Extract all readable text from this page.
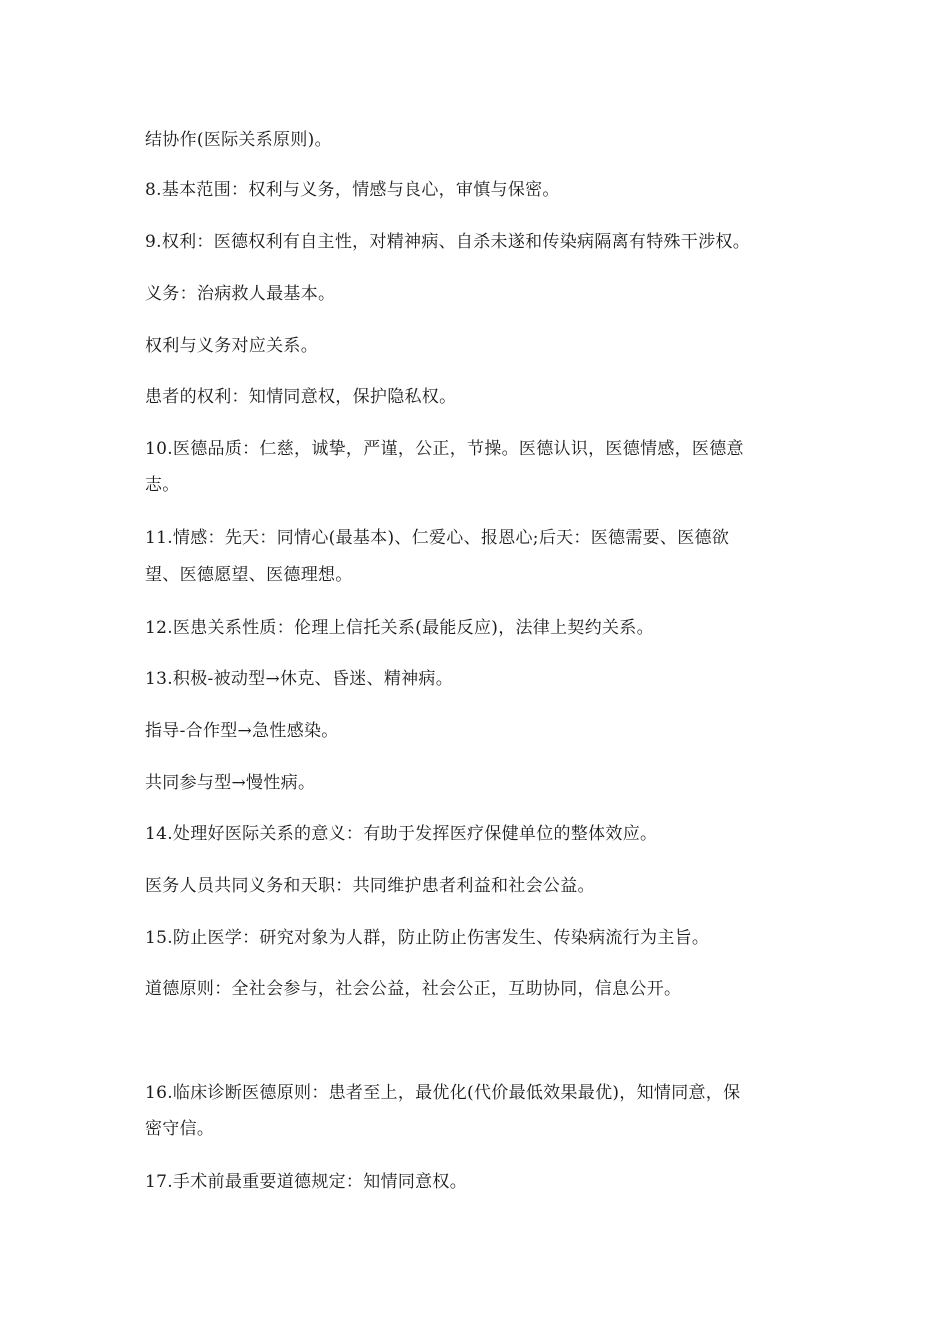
结协作(医际关系原则)。
8.基本范围：权利与义务，情感与良心，审慎与保密。
9.权利：医德权利有自主性，对精神病、自杀未遂和传染病隔离有特殊干涉权。
义务：治病救人最基本。
权利与义务对应关系。
患者的权利：知情同意权，保护隐私权。
10.医德品质：仁慈，诚挚，严谨，公正，节操。医德认识，医德情感，医德意
志。
11.情感：先天：同情心(最基本)、仁爱心、报恩心;后天：医德需要、医德欲
望、医德愿望、医德理想。
12.医患关系性质：伦理上信托关系(最能反应)，法律上契约关系。
13.积极-被动型→休克、昏迷、精神病。
指导-合作型→急性感染。
共同参与型→慢性病。
14.处理好医际关系的意义：有助于发挥医疗保健单位的整体效应。
医务人员共同义务和天职：共同维护患者利益和社会公益。
15.防止医学：研究对象为人群，防止防止伤害发生、传染病流行为主旨。
道德原则：全社会参与，社会公益，社会公正，互助协同，信息公开。
16.临床诊断医德原则：患者至上，最优化(代价最低效果最优)，知情同意，保
密守信。
17.手术前最重要道德规定：知情同意权。
